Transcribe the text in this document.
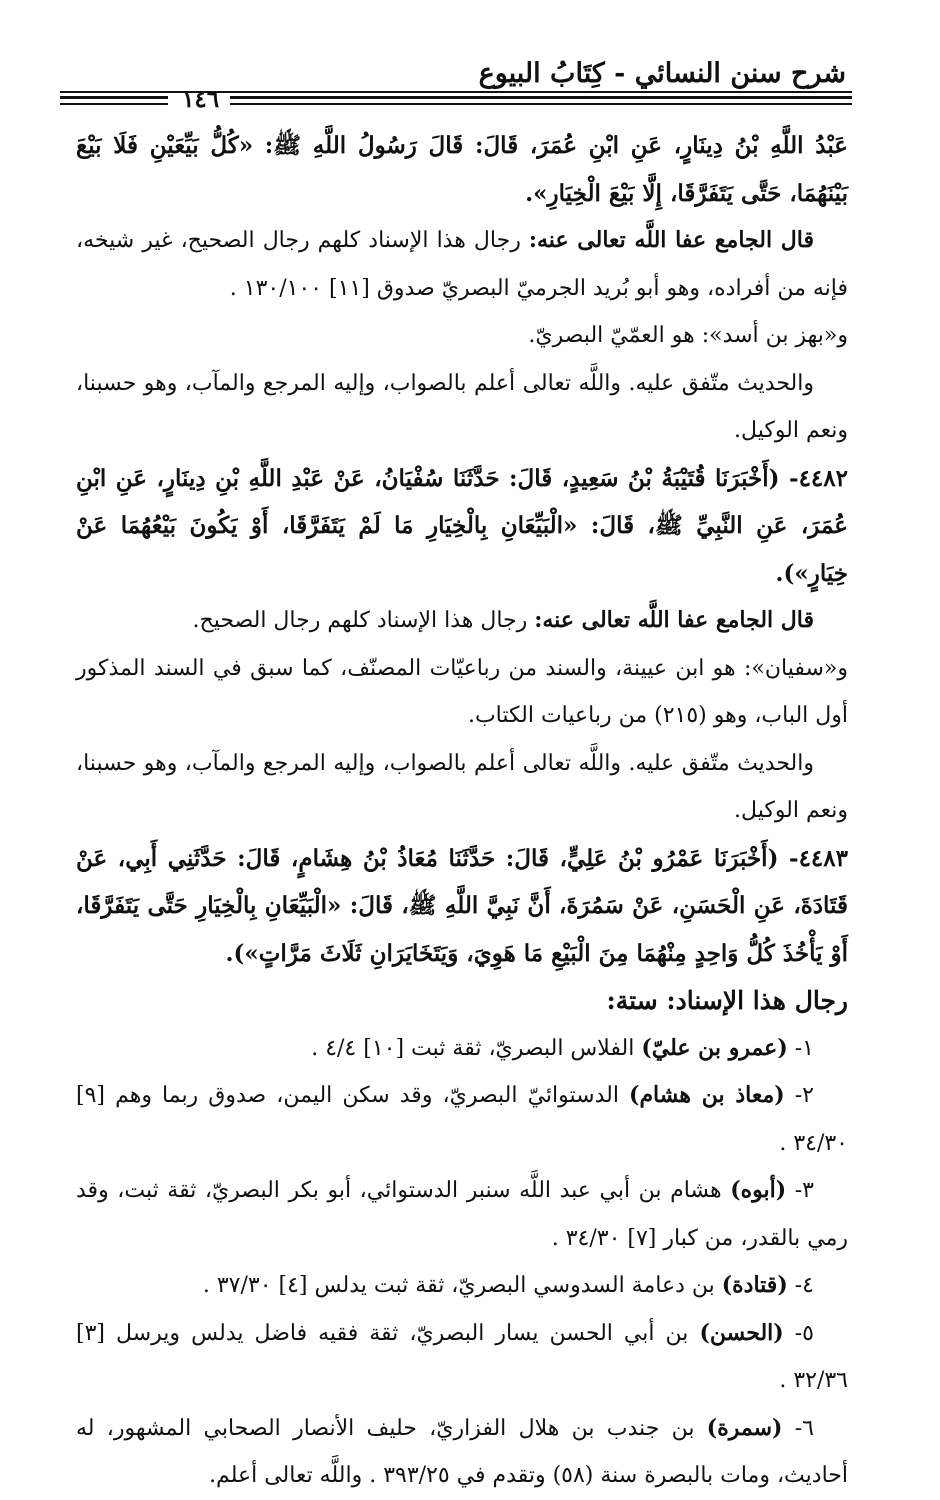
شرح سنن النسائي - كِتَابُ البيوع
١٤٦

عَبْدُ اللَّهِ بْنُ دِينَارٍ، عَنِ ابْنِ عُمَرَ، قَالَ: قَالَ رَسُولُ اللَّهِ ﷺ: «كُلُّ بَيِّعَيْنِ فَلَا بَيْعَ بَيْنَهُمَا، حَتَّى يَتَفَرَّقَا، إِلَّا بَيْعَ الْخِيَارِ».

قال الجامع عفا اللَّه تعالى عنه: رجال هذا الإسناد كلهم رجال الصحيح، غير شيخه، فإنه من أفراده، وهو أبو بُريد الجرميّ البصريّ صدوق [١١] ١٣٠/١٠٠ .

و«بهز بن أسد»: هو العمّيّ البصريّ.

والحديث متّفق عليه. واللَّه تعالى أعلم بالصواب، وإليه المرجع والمآب، وهو حسبنا، ونعم الوكيل.

٤٤٨٢- (أَخْبَرَنَا قُتَيْبَةُ بْنُ سَعِيدٍ، قَالَ: حَدَّثَنَا سُفْيَانُ، عَنْ عَبْدِ اللَّهِ بْنِ دِينَارٍ، عَنِ ابْنِ عُمَرَ، عَنِ النَّبِيِّ ﷺ، قَالَ: «الْبَيِّعَانِ بِالْخِيَارِ مَا لَمْ يَتَفَرَّقَا، أَوْ يَكُونَ بَيْعُهُمَا عَنْ خِيَارٍ»).

قال الجامع عفا اللَّه تعالى عنه: رجال هذا الإسناد كلهم رجال الصحيح.

و«سفيان»: هو ابن عيينة، والسند من رباعيّات المصنّف، كما سبق في السند المذكور أول الباب، وهو (٢١٥) من رباعيات الكتاب.

والحديث متّفق عليه. واللَّه تعالى أعلم بالصواب، وإليه المرجع والمآب، وهو حسبنا، ونعم الوكيل.

٤٤٨٣- (أَخْبَرَنَا عَمْرُو بْنُ عَلِيٍّ، قَالَ: حَدَّثَنَا مُعَاذُ بْنُ هِشَامٍ، قَالَ: حَدَّثَنِي أَبِي، عَنْ قَتَادَةَ، عَنِ الْحَسَنِ، عَنْ سَمُرَةَ، أَنَّ نَبِيَّ اللَّهِ ﷺ، قَالَ: «الْبَيِّعَانِ بِالْخِيَارِ حَتَّى يَتَفَرَّقَا، أَوْ يَأْخُذَ كُلُّ وَاحِدٍ مِنْهُمَا مِنَ الْبَيْعِ مَا هَوِيَ، وَيَتَخَايَرَانِ ثَلَاثَ مَرَّاتٍ»).

رجال هذا الإسناد: ستة:

١- (عمرو بن عليّ) الفلاس البصريّ، ثقة ثبت [١٠] ٤/٤ .

٢- (معاذ بن هشام) الدستوائيّ البصريّ، وقد سكن اليمن، صدوق ربما وهم [٩] ٣٤/٣٠ .

٣- (أبوه) هشام بن أبي عبد اللَّه سنبر الدستوائي، أبو بكر البصريّ، ثقة ثبت، وقد رمي بالقدر، من كبار [٧] ٣٤/٣٠ .

٤- (قتادة) بن دعامة السدوسي البصريّ، ثقة ثبت يدلس [٤] ٣٧/٣٠ .

٥- (الحسن) بن أبي الحسن يسار البصريّ، ثقة فقيه فاضل يدلس ويرسل [٣] ٣٢/٣٦ .

٦- (سمرة) بن جندب بن هلال الفزاريّ، حليف الأنصار الصحابي المشهور، له أحاديث، ومات بالبصرة سنة (٥٨) وتقدم في ٣٩٣/٢٥ . واللَّه تعالى أعلم.
